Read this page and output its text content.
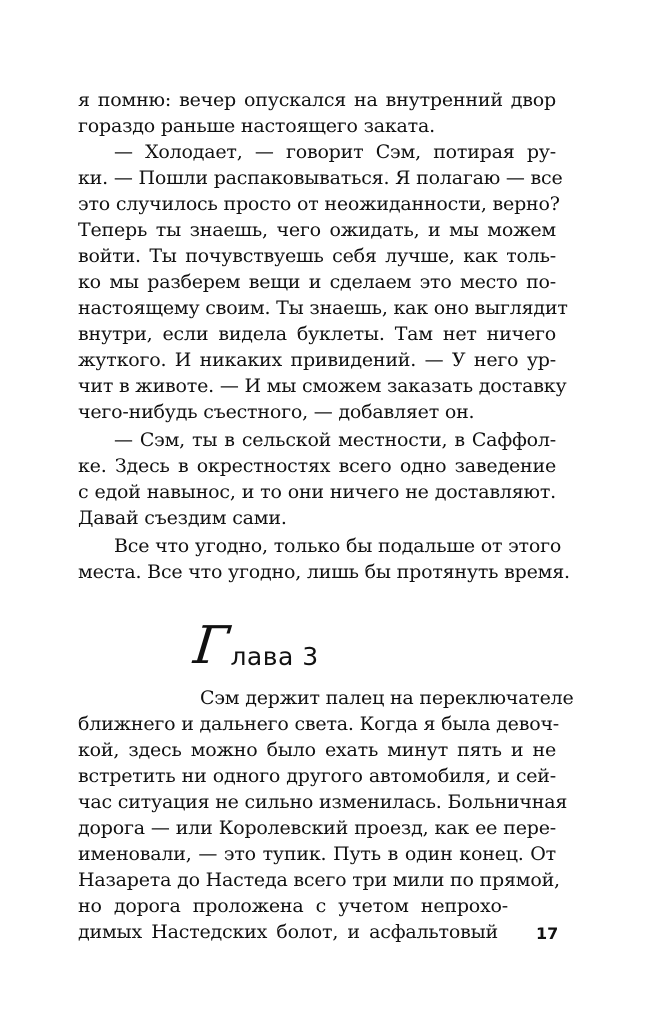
я помню: вечер опускался на внутренний двор
гораздо раньше настоящего заката.
— Холодает, — говорит Сэм, потирая ру-
ки. — Пошли распаковываться. Я полагаю — все
это случилось просто от неожиданности, верно?
Теперь ты знаешь, чего ожидать, и мы можем
войти. Ты почувствуешь себя лучше, как толь-
ко мы разберем вещи и сделаем это место по-
настоящему своим. Ты знаешь, как оно выглядит
внутри, если видела буклеты. Там нет ничего
жуткого. И никаких привидений. — У него ур-
чит в животе. — И мы сможем заказать доставку
чего-нибудь съестного, — добавляет он.
— Сэм, ты в сельской местности, в Саффол-
ке. Здесь в окрестностях всего одно заведение
с едой навынос, и то они ничего не доставляют.
Давай съездим сами.
Все что угодно, только бы подальше от этого
места. Все что угодно, лишь бы протянуть время.
Г
лава 3
Сэм держит палец на переключателе
ближнего и дальнего света. Когда я была девоч-
кой, здесь можно было ехать минут пять и не
встретить ни одного другого автомобиля, и сей-
час ситуация не сильно изменилась. Больничная
дорога — или Королевский проезд, как ее пере-
именовали, — это тупик. Путь в один конец. От
Назарета до Настеда всего три мили по прямой,
но дорога проложена с учетом непрохо-
димых Настедских болот, и асфальтовый 17
